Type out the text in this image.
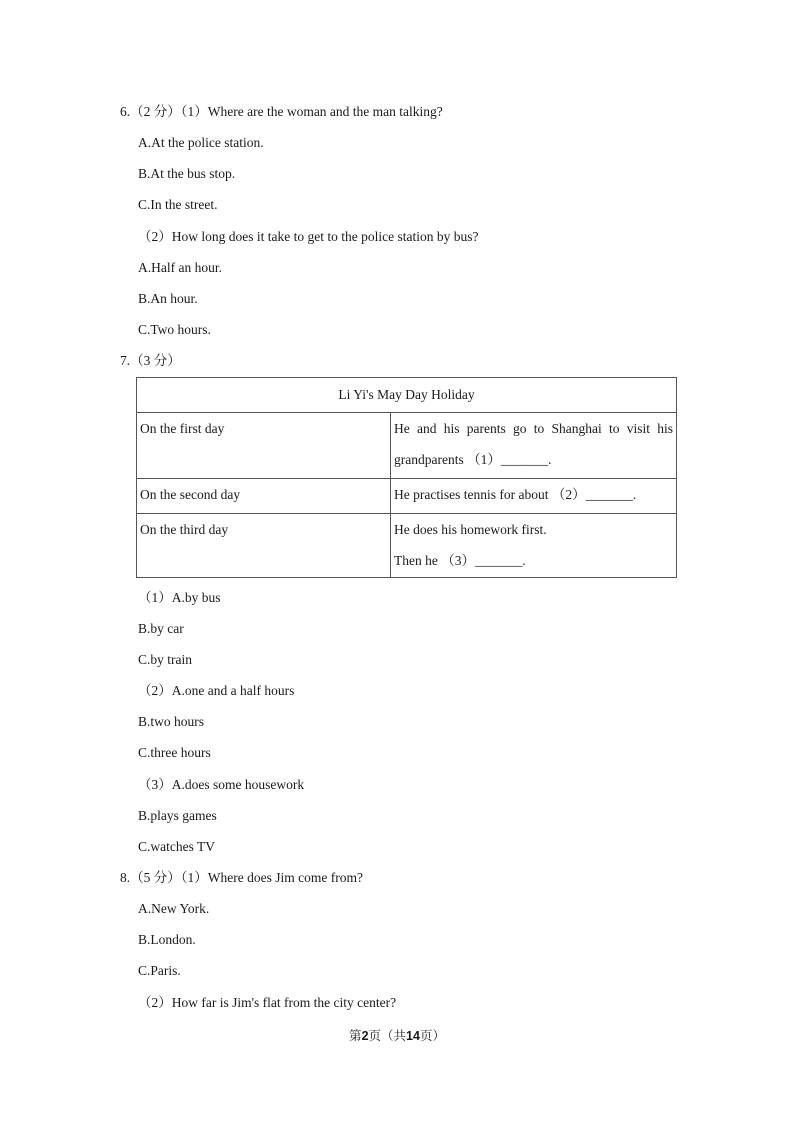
6.（2 分）（1）Where are the woman and the man talking?
A.At the police station.
B.At the bus stop.
C.In the street.
（2）How long does it take to get to the police station by bus?
A.Half an hour.
B.An hour.
C.Two hours.
7.（3 分）
Li Yi's May Day Holiday	
On the first day	He and his parents go to Shanghai to visit his
grandparents （1）_______.

On the second day	He practises tennis for about （2）_______.
On the third day	He does his homework first.
Then he （3）_______.
（1）A.by bus
B.by car
C.by train
（2）A.one and a half hours
B.two hours
C.three hours
（3）A.does some housework
B.plays games
C.watches TV
8.（5 分）（1）Where does Jim come from?
A.New York.
B.London.
C.Paris.
（2）How far is Jim's flat from the city center?
第2页（共14页）
